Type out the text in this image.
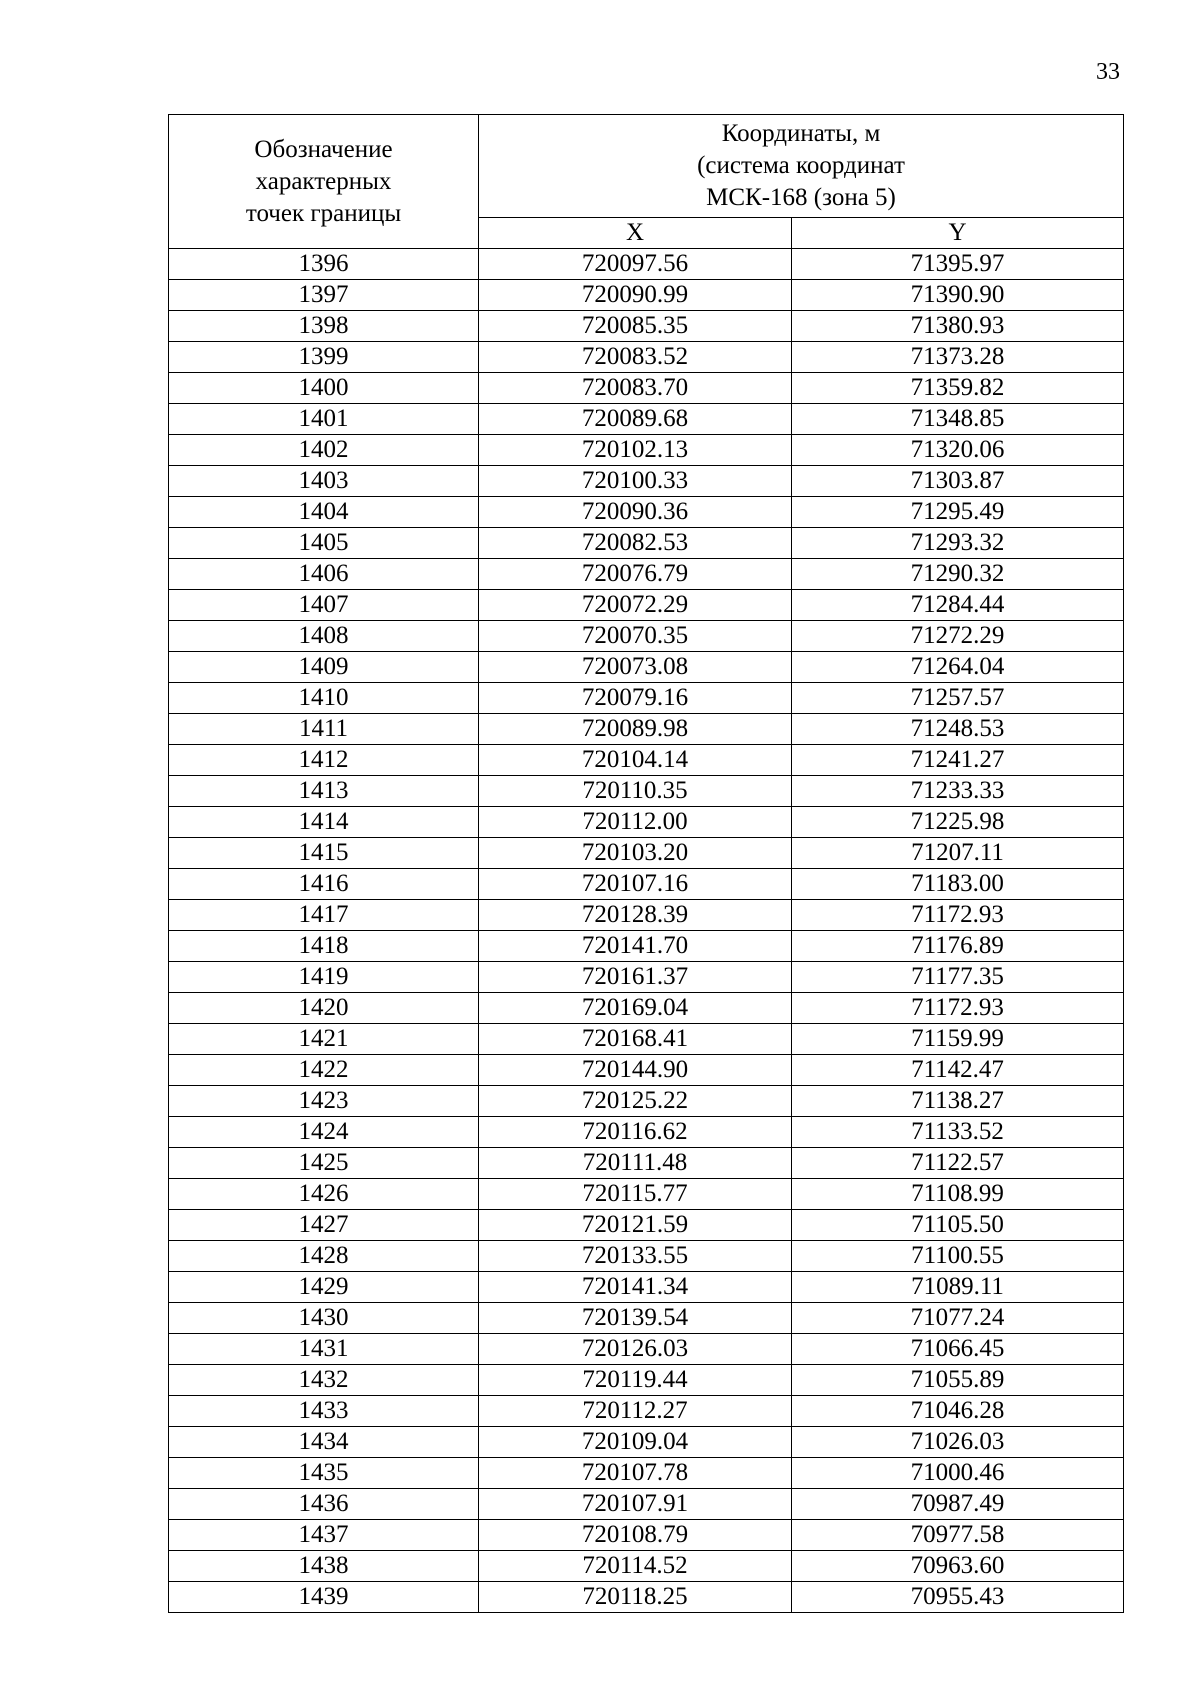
33
Обозначение
характерных
точек границы	Координаты, м
(система координат
МСК-168 (зона 5)	

	X	Y
1396	720097.56	71395.97
1397	720090.99	71390.90
1398	720085.35	71380.93
1399	720083.52	71373.28
1400	720083.70	71359.82
1401	720089.68	71348.85
1402	720102.13	71320.06
1403	720100.33	71303.87
1404	720090.36	71295.49
1405	720082.53	71293.32
1406	720076.79	71290.32
1407	720072.29	71284.44
1408	720070.35	71272.29
1409	720073.08	71264.04
1410	720079.16	71257.57
1411	720089.98	71248.53
1412	720104.14	71241.27
1413	720110.35	71233.33
1414	720112.00	71225.98
1415	720103.20	71207.11
1416	720107.16	71183.00
1417	720128.39	71172.93
1418	720141.70	71176.89
1419	720161.37	71177.35
1420	720169.04	71172.93
1421	720168.41	71159.99
1422	720144.90	71142.47
1423	720125.22	71138.27
1424	720116.62	71133.52
1425	720111.48	71122.57
1426	720115.77	71108.99
1427	720121.59	71105.50
1428	720133.55	71100.55
1429	720141.34	71089.11
1430	720139.54	71077.24
1431	720126.03	71066.45
1432	720119.44	71055.89
1433	720112.27	71046.28
1434	720109.04	71026.03
1435	720107.78	71000.46
1436	720107.91	70987.49
1437	720108.79	70977.58
1438	720114.52	70963.60
1439	720118.25	70955.43
